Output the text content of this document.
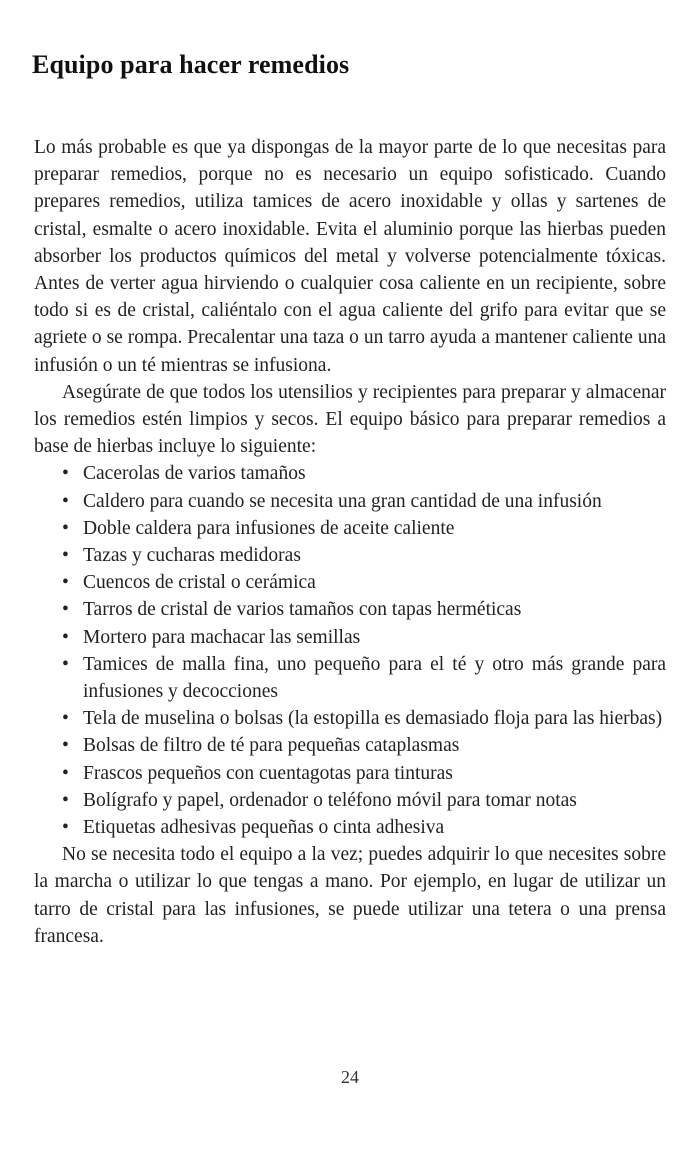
Equipo para hacer remedios

Lo más probable es que ya dispongas de la mayor parte de lo que necesitas para preparar remedios, porque no es necesario un equipo sofisticado. Cuando prepares remedios, utiliza tamices de acero inoxidable y ollas y sartenes de cristal, esmalte o acero inoxidable. Evita el aluminio porque las hierbas pueden absorber los productos químicos del metal y volverse potencialmente tóxicas. Antes de verter agua hirviendo o cualquier cosa caliente en un recipiente, sobre todo si es de cristal, caliéntalo con el agua caliente del grifo para evitar que se agriete o se rompa. Precalentar una taza o un tarro ayuda a mantener caliente una infusión o un té mientras se infusiona.

Asegúrate de que todos los utensilios y recipientes para preparar y almacenar los remedios estén limpios y secos. El equipo básico para preparar remedios a base de hierbas incluye lo siguiente:

• Cacerolas de varios tamaños
• Caldero para cuando se necesita una gran cantidad de una infusión
• Doble caldera para infusiones de aceite caliente
• Tazas y cucharas medidoras
• Cuencos de cristal o cerámica
• Tarros de cristal de varios tamaños con tapas herméticas
• Mortero para machacar las semillas
• Tamices de malla fina, uno pequeño para el té y otro más grande para infusiones y decocciones
• Tela de muselina o bolsas (la estopilla es demasiado floja para las hierbas)
• Bolsas de filtro de té para pequeñas cataplasmas
• Frascos pequeños con cuentagotas para tinturas
• Bolígrafo y papel, ordenador o teléfono móvil para tomar notas
• Etiquetas adhesivas pequeñas o cinta adhesiva

No se necesita todo el equipo a la vez; puedes adquirir lo que necesites sobre la marcha o utilizar lo que tengas a mano. Por ejemplo, en lugar de utilizar un tarro de cristal para las infusiones, se puede utilizar una tetera o una prensa francesa.

24
